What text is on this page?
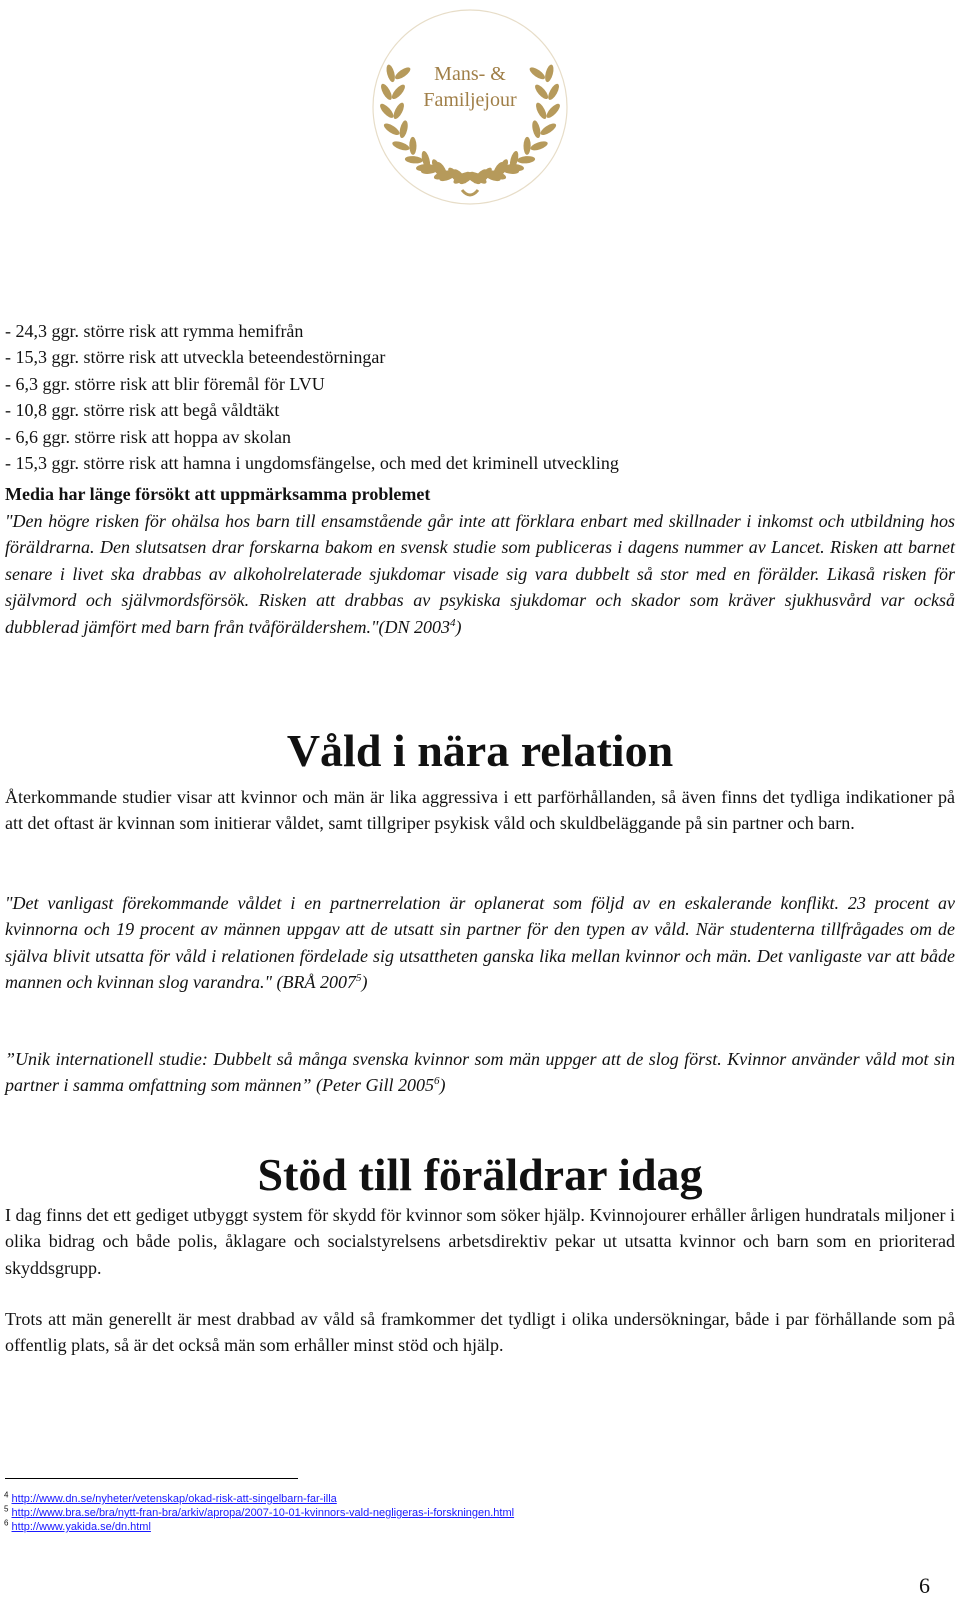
Mans- &
Familjejour
- 24,3 ggr. större risk att rymma hemifrån
- 15,3 ggr. större risk att utveckla beteendestörningar
- 6,3 ggr. större risk att blir föremål för LVU
- 10,8 ggr. större risk att begå våldtäkt
- 6,6 ggr. större risk att hoppa av skolan
- 15,3 ggr. större risk att hamna i ungdomsfängelse, och med det kriminell utveckling
Media har länge försökt att uppmärksamma problemet

"Den högre risken för ohälsa hos barn till ensamstående går inte att förklara enbart med skillnader i inkomst och utbildning hos föräldrarna. Den slutsatsen drar forskarna bakom en svensk studie som publiceras i dagens nummer av Lancet. Risken att barnet senare i livet ska drabbas av alkoholrelaterade sjukdomar visade sig vara dubbelt så stor med en förälder. Likaså risken för självmord och självmordsförsök. Risken att drabbas av psykiska sjukdomar och skador som kräver sjukhusvård var också dubblerad jämfört med barn från tvåföräldershem."(DN 2003$^4$)

Våld i nära relation

Återkommande studier visar att kvinnor och män är lika aggressiva i ett parförhållanden, så även finns det tydliga indikationer på att det oftast är kvinnan som initierar våldet, samt tillgriper psykisk våld och skuldbeläggande på sin partner och barn.

"Det vanligast förekommande våldet i en partnerrelation är oplanerat som följd av en eskalerande konflikt. 23 procent av kvinnorna och 19 procent av männen uppgav att de utsatt sin partner för den typen av våld. När studenterna tillfrågades om de själva blivit utsatta för våld i relationen fördelade sig utsattheten ganska lika mellan kvinnor och män. Det vanligaste var att både mannen och kvinnan slog varandra." (BRÅ 2007$^5$)

”Unik internationell studie: Dubbelt så många svenska kvinnor som män uppger att de slog först. Kvinnor använder våld mot sin partner i samma omfattning som männen” (Peter Gill 2005$^6$)

Stöd till föräldrar idag

I dag finns det ett gediget utbyggt system för skydd för kvinnor som söker hjälp. Kvinnojourer erhåller årligen hundratals miljoner i olika bidrag och både polis, åklagare och socialstyrelsens arbetsdirektiv pekar ut utsatta kvinnor och barn som en prioriterad skyddsgrupp.

Trots att män generellt är mest drabbad av våld så framkommer det tydligt i olika undersökningar, både i par förhållande som på offentlig plats, så är det också män som erhåller minst stöd och hjälp.

$^4$ http://www.dn.se/nyheter/vetenskap/okad-risk-att-singelbarn-far-illa
$^5$ http://www.bra.se/bra/nytt-fran-bra/arkiv/apropa/2007-10-01-kvinnors-vald-negligeras-i-forskningen.html
$^6$ http://www.yakida.se/dn.html
6
